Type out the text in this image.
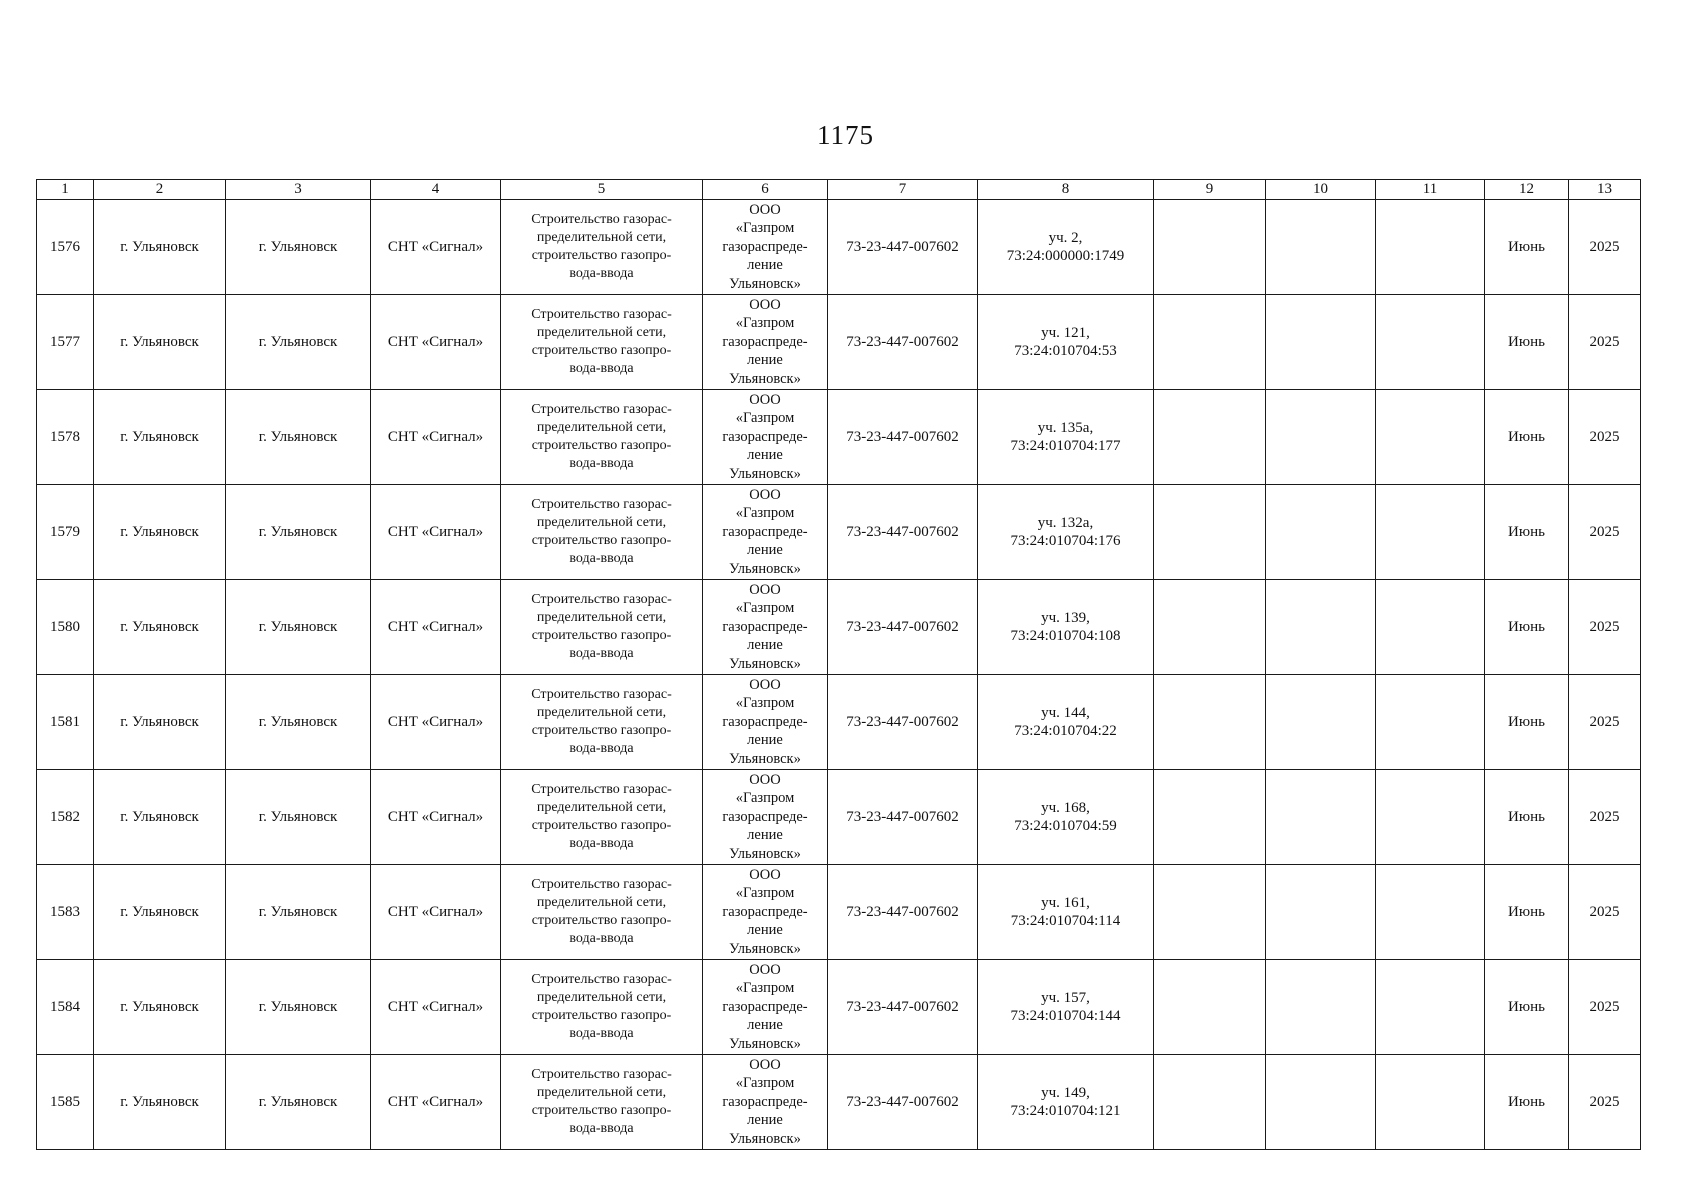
1175
1	2	3	4	5	6	7	8	9	10	11	12	13
1576	г. Ульяновск	г. Ульяновск	СНТ «Сигнал»	Строительство газорас-
пределительной сети,
строительство газопро-
вода-ввода	ООО
«Газпром
газораспреде-
ление
Ульяновск»	73-23-447-007602	уч. 2,
73:24:000000:1749				Июнь	2025
1577	г. Ульяновск	г. Ульяновск	СНТ «Сигнал»	Строительство газорас-
пределительной сети,
строительство газопро-
вода-ввода	ООО
«Газпром
газораспреде-
ление
Ульяновск»	73-23-447-007602	уч. 121,
73:24:010704:53				Июнь	2025
1578	г. Ульяновск	г. Ульяновск	СНТ «Сигнал»	Строительство газорас-
пределительной сети,
строительство газопро-
вода-ввода	ООО
«Газпром
газораспреде-
ление
Ульяновск»	73-23-447-007602	уч. 135а,
73:24:010704:177				Июнь	2025
1579	г. Ульяновск	г. Ульяновск	СНТ «Сигнал»	Строительство газорас-
пределительной сети,
строительство газопро-
вода-ввода	ООО
«Газпром
газораспреде-
ление
Ульяновск»	73-23-447-007602	уч. 132а,
73:24:010704:176				Июнь	2025
1580	г. Ульяновск	г. Ульяновск	СНТ «Сигнал»	Строительство газорас-
пределительной сети,
строительство газопро-
вода-ввода	ООО
«Газпром
газораспреде-
ление
Ульяновск»	73-23-447-007602	уч. 139,
73:24:010704:108				Июнь	2025
1581	г. Ульяновск	г. Ульяновск	СНТ «Сигнал»	Строительство газорас-
пределительной сети,
строительство газопро-
вода-ввода	ООО
«Газпром
газораспреде-
ление
Ульяновск»	73-23-447-007602	уч. 144,
73:24:010704:22				Июнь	2025
1582	г. Ульяновск	г. Ульяновск	СНТ «Сигнал»	Строительство газорас-
пределительной сети,
строительство газопро-
вода-ввода	ООО
«Газпром
газораспреде-
ление
Ульяновск»	73-23-447-007602	уч. 168,
73:24:010704:59				Июнь	2025
1583	г. Ульяновск	г. Ульяновск	СНТ «Сигнал»	Строительство газорас-
пределительной сети,
строительство газопро-
вода-ввода	ООО
«Газпром
газораспреде-
ление
Ульяновск»	73-23-447-007602	уч. 161,
73:24:010704:114				Июнь	2025
1584	г. Ульяновск	г. Ульяновск	СНТ «Сигнал»	Строительство газорас-
пределительной сети,
строительство газопро-
вода-ввода	ООО
«Газпром
газораспреде-
ление
Ульяновск»	73-23-447-007602	уч. 157,
73:24:010704:144				Июнь	2025
1585	г. Ульяновск	г. Ульяновск	СНТ «Сигнал»	Строительство газорас-
пределительной сети,
строительство газопро-
вода-ввода	ООО
«Газпром
газораспреде-
ление
Ульяновск»	73-23-447-007602	уч. 149,
73:24:010704:121				Июнь	2025
